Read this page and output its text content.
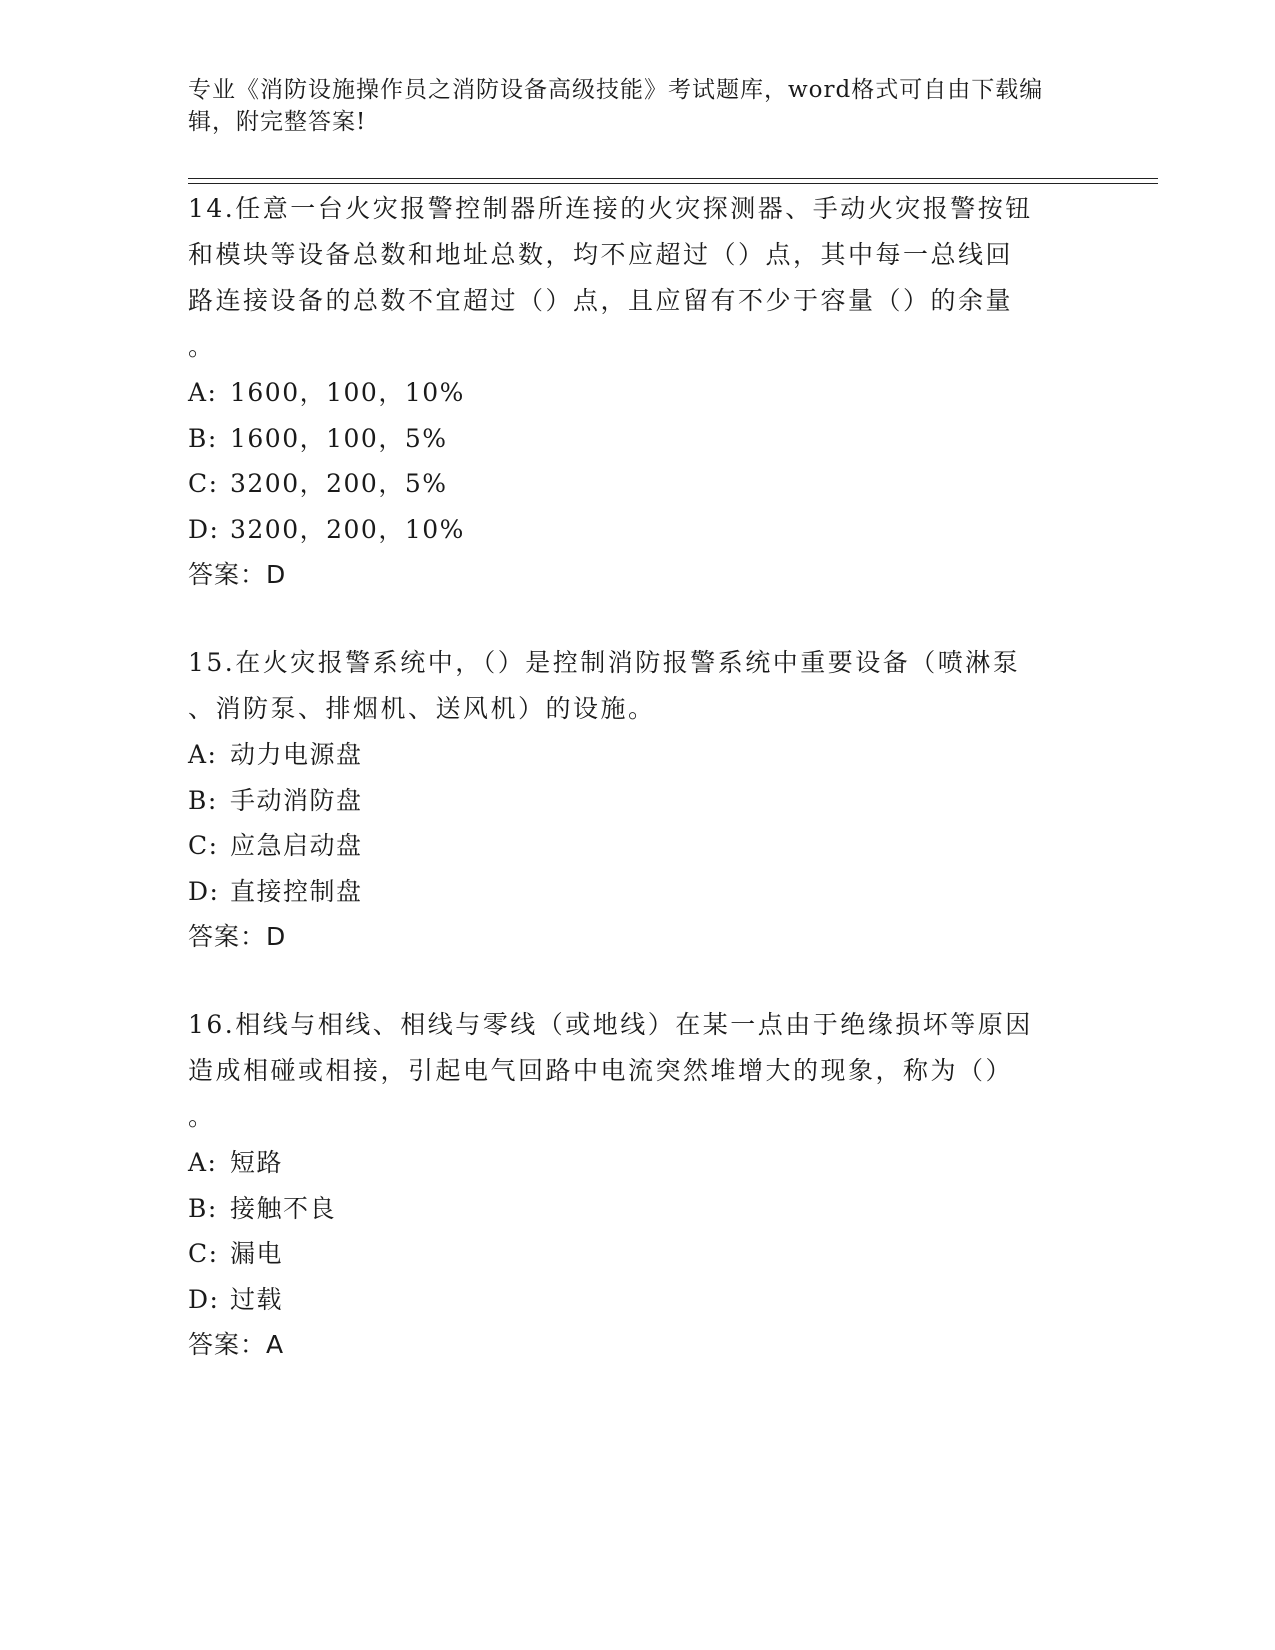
专业《消防设施操作员之消防设备高级技能》考试题库，word格式可自由下载编辑，附完整答案!
14.任意一台火灾报警控制器所连接的火灾探测器、手动火灾报警按钮
和模块等设备总数和地址总数，均不应超过（）点，其中每一总线回
路连接设备的总数不宜超过（）点，且应留有不少于容量（）的余量
。
A: 1600，100，10%
B: 1600，100，5%
C: 3200，200，5%
D: 3200，200，10%
答案：D
15.在火灾报警系统中，（）是控制消防报警系统中重要设备（喷淋泵
、消防泵、排烟机、送风机）的设施。
A: 动力电源盘
B: 手动消防盘
C: 应急启动盘
D: 直接控制盘
答案：D
16.相线与相线、相线与零线（或地线）在某一点由于绝缘损坏等原因
造成相碰或相接，引起电气回路中电流突然堆增大的现象，称为（）
。
A: 短路
B: 接触不良
C: 漏电
D: 过载
答案：A
